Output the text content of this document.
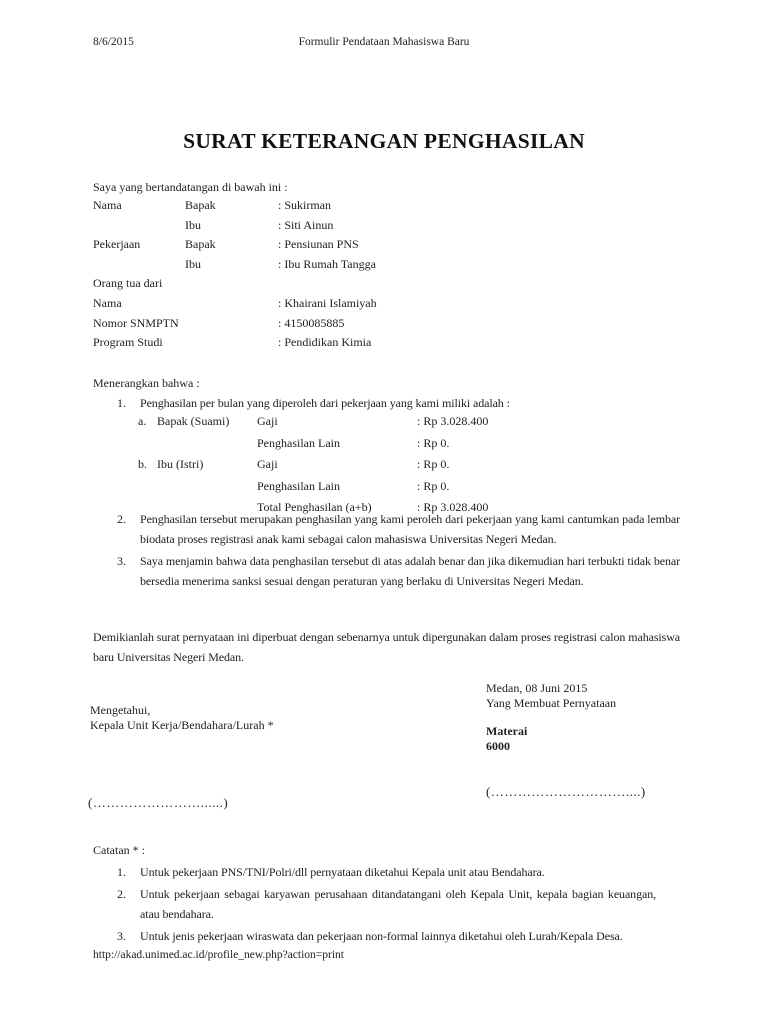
8/6/2015	Formulir Pendataan Mahasiswa Baru
SURAT KETERANGAN PENGHASILAN
Saya yang bertandatangan di bawah ini :
Nama	Bapak	: Sukirman
Ibu	: Siti Ainun
Pekerjaan	Bapak	: Pensiunan PNS
Ibu	: Ibu Rumah Tangga
Orang tua dari
Nama	: Khairani Islamiyah
Nomor SNMPTN	: 4150085885
Program Studi	: Pendidikan Kimia
Menerangkan bahwa :
1.	Penghasilan per bulan yang diperoleh dari pekerjaan yang kami miliki adalah :
a. Bapak (Suami)	Gaji	: Rp 3.028.400
Penghasilan Lain	: Rp 0.
b. Ibu (Istri)	Gaji	: Rp 0.
Penghasilan Lain	: Rp 0.
Total Penghasilan (a+b)	: Rp 3.028.400
2.	Penghasilan tersebut merupakan penghasilan yang kami peroleh dari pekerjaan yang kami cantumkan pada lembar biodata proses registrasi anak kami sebagai calon mahasiswa Universitas Negeri Medan.
3.	Saya menjamin bahwa data penghasilan tersebut di atas adalah benar dan jika dikemudian hari terbukti tidak benar bersedia menerima sanksi sesuai dengan peraturan yang berlaku di Universitas Negeri Medan.
Demikianlah surat pernyataan ini diperbuat dengan sebenarnya untuk dipergunakan dalam proses registrasi calon mahasiswa baru Universitas Negeri Medan.
Medan, 08 Juni 2015
Yang Membuat Pernyataan
Materai
6000
(…………………………....)
Mengetahui,
Kepala Unit Kerja/Bendahara/Lurah *
(……………………......)
Catatan * :
1.	Untuk pekerjaan PNS/TNI/Polri/dll pernyataan diketahui Kepala unit atau Bendahara.
2.	Untuk pekerjaan sebagai karyawan perusahaan ditandatangani oleh Kepala Unit, kepala bagian keuangan, atau bendahara.
3.	Untuk jenis pekerjaan wiraswata dan pekerjaan non-formal lainnya diketahui oleh Lurah/Kepala Desa.
http://akad.unimed.ac.id/profile_new.php?action=print
